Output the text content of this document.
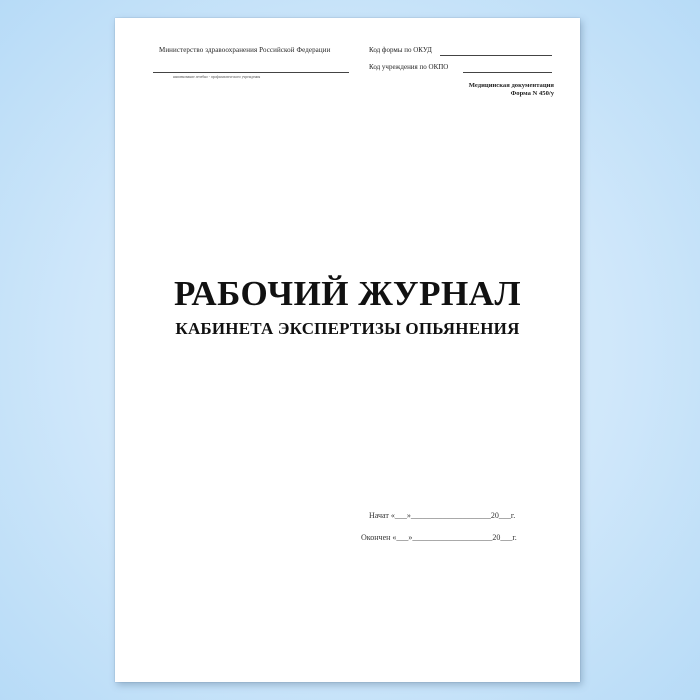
Министерство здравоохранения Российской Федерации
наименование лечебно - профилактического учреждения
Код формы по ОКУД
Код учреждения по ОКПО
Медицинская документация
Форма N 450/у
РАБОЧИЙ ЖУРНАЛ
КАБИНЕТА ЭКСПЕРТИЗЫ ОПЬЯНЕНИЯ
Начат «___»____________________20___г.
Окончен «___»____________________20___г.
